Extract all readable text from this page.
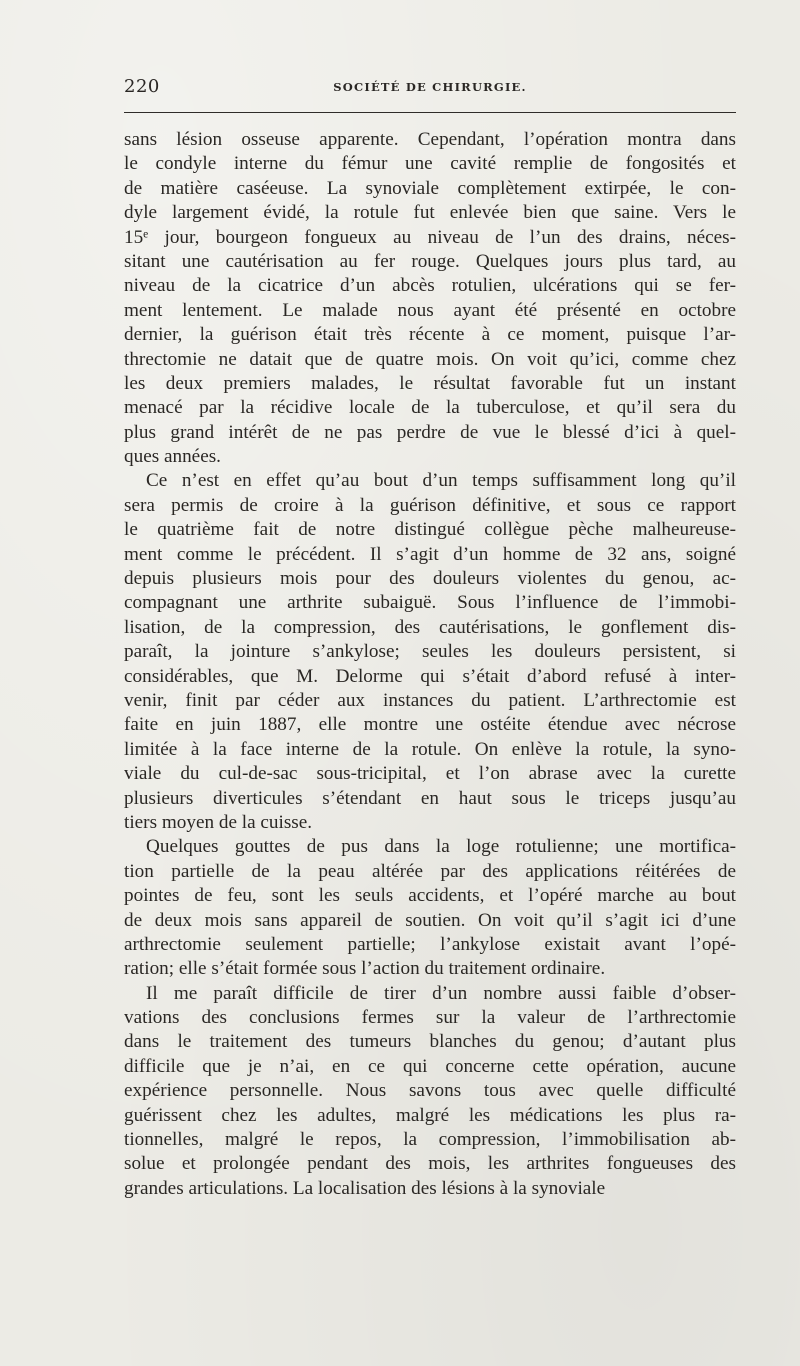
220	SOCIÉTÉ DE CHIRURGIE.
sans lésion osseuse apparente. Cependant, l’opération montra dans
le condyle interne du fémur une cavité remplie de fongosités et
de matière caséeuse. La synoviale complètement extirpée, le con-
dyle largement évidé, la rotule fut enlevée bien que saine. Vers le
15ᵉ jour, bourgeon fongueux au niveau de l’un des drains, néces-
sitant une cautérisation au fer rouge. Quelques jours plus tard, au
niveau de la cicatrice d’un abcès rotulien, ulcérations qui se fer-
ment lentement. Le malade nous ayant été présenté en octobre
dernier, la guérison était très récente à ce moment, puisque l’ar-
threctomie ne datait que de quatre mois. On voit qu’ici, comme chez
les deux premiers malades, le résultat favorable fut un instant
menacé par la récidive locale de la tuberculose, et qu’il sera du
plus grand intérêt de ne pas perdre de vue le blessé d’ici à quel-
ques années.
Ce n’est en effet qu’au bout d’un temps suffisamment long qu’il
sera permis de croire à la guérison définitive, et sous ce rapport
le quatrième fait de notre distingué collègue pèche malheureuse-
ment comme le précédent. Il s’agit d’un homme de 32 ans, soigné
depuis plusieurs mois pour des douleurs violentes du genou, ac-
compagnant une arthrite subaiguë. Sous l’influence de l’immobi-
lisation, de la compression, des cautérisations, le gonflement dis-
paraît, la jointure s’ankylose; seules les douleurs persistent, si
considérables, que M. Delorme qui s’était d’abord refusé à inter-
venir, finit par céder aux instances du patient. L’arthrectomie est
faite en juin 1887, elle montre une ostéite étendue avec nécrose
limitée à la face interne de la rotule. On enlève la rotule, la syno-
viale du cul-de-sac sous-tricipital, et l’on abrase avec la curette
plusieurs diverticules s’étendant en haut sous le triceps jusqu’au
tiers moyen de la cuisse.
Quelques gouttes de pus dans la loge rotulienne; une mortifica-
tion partielle de la peau altérée par des applications réitérées de
pointes de feu, sont les seuls accidents, et l’opéré marche au bout
de deux mois sans appareil de soutien. On voit qu’il s’agit ici d’une
arthrectomie seulement partielle; l’ankylose existait avant l’opé-
ration; elle s’était formée sous l’action du traitement ordinaire.
Il me paraît difficile de tirer d’un nombre aussi faible d’obser-
vations des conclusions fermes sur la valeur de l’arthrectomie
dans le traitement des tumeurs blanches du genou; d’autant plus
difficile que je n’ai, en ce qui concerne cette opération, aucune
expérience personnelle. Nous savons tous avec quelle difficulté
guérissent chez les adultes, malgré les médications les plus ra-
tionnelles, malgré le repos, la compression, l’immobilisation ab-
solue et prolongée pendant des mois, les arthrites fongueuses des
grandes articulations. La localisation des lésions à la synoviale
